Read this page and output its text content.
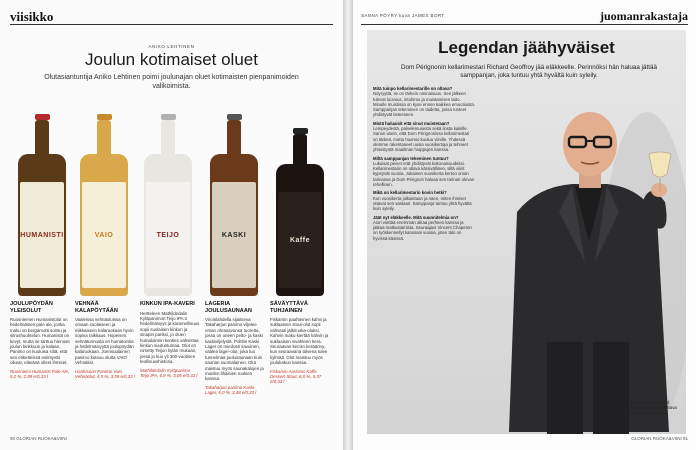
viisikko
ANIKO LEHTINEN
Joulun kotimaiset oluet

Olutasiantuntija Aniko Lehtinen poimi joulunajan oluet kotimaisten pienpanimoiden valikoimista.

HUMANISTI	VAIO	TEIJO	KASKI
Kaffe
JOULUPÖYDÄN YLEISOLUT
Ruosniemen Humanistolut on hedelmäinen pale ale, jonka maku on bergamotti sointu ja sitrushuuhtelun. Humanistit on kevyt, mutta se tarttuu hienosti joulun kinkkuun ja kalaan. Panimo on kuuluisa siitä, että sen etiketteissä esiintyvät oikeat, elävänä olleet ihmiset.
Ruosniemi Humanist Pale Ale, 5,2 %, 2,89 e/0,33 l
VEHNÄÄ KALAPÖYTÄÄN
Vaaleissa vehnäoluissa on omaan suolaiseen ja etikkaiseen kalaruokaan hyvin sopiva raikkaus. Hopeisen vehnätunnusta on humalointia ja hedelmäisyyttä joulupöydän kalaruokaan. Joensuulainen panimo kutsuu olutta VAIO Vehnäksi.
Hanhisuon Panimo Vaio Vehnäolut, 4,5 %, 3,59 e/0,33 l
KINKUN IPA-KAVERI
Hertteleen Mathildedalin Kyläpanimon Teijo IPA:n hedelmäisyys ja karamellisuus sopii suolaisen kinkun ja sinapin pariksi, jo oluen humaloinnin kenties vahvistaa kinkun suutuntumaa. Olut on nimetty Teijon kylän mukaan, jossa jo kuu yli 300-vuotinen teollisuushistoria.
Mathildedalin Kyläpanimo Teijo IPA, 6,9 %, 3,05 e/0,33 l
LAGERIA JOULUSAUNAAN
Viroinlahdella sijaitseva Takaharjun panimo viljelee oman ohrasavunsa tuoretta, jossa on uneen pelto- ja kaski kaskiviljelystä. Polttiin Kaski Lager on miedosti savuinen, vaalea lager-olut, joka luo tunnelmaa joulusaunaan kuin saunan suomalainen. Olut maistuu myös saunakalojen ja muiden lihaisien ruokien kanssa.
Takaharjun panimo Kaski Lager, 5,0 %, 3,48 e/0,33 l
SÄVÄYTTÄVÄ TUHJAINEN
Fiskarsin paahteinen kahvi ja suklaainen stout-olut sopii vahvasti jälkiruoka-oluksi. Kahvin maku kiertää kahvin ja suklaaisen vivahteen kera. Seuraavan kerran keräänny, kun seuraavana talvena tulee kylmää. Olut maistuu myös joulukakun kanssa.
Fiskarsin Aavistus Kaffe Dessert Stout, 6,0 %, 5,57 e/0,33 l
90 GLORIAN RUOKA&VIINI
SANNA PÖYRY kuva JAMES BORT	juomanrakastaja
Samppanjaguru Richard Geoffroyn on aina arvioitava ensin, mitä viini kertoo.
Legendan jäähyväiset

Dom Pérignonin kellarimestari Richard Geoffroy jää eläkkeelle. Perinnöksi hän haluaa jättää samppanjan, joka tuntuu yhtä hyvältä kuin syleily.

Mitä tuinpo kellarimestarille on oltava?
Nöyryyttä, se on tärkein ominaisuus. Sen jälkeen tulevat luovuus, intohimo ja muistamisen taito. Minulle muistissa on kyse ennen kaikkea emootioista. Samppanjan tekeminen on taidetta, jossa tunteet yhdistyvät tieteeseen.
Mistä haluaisit että sinut muistetaan?
Lempeydestä, palvelemusesta sekä ilosta kaikille. Sanon usein, että Dom Pérignonissa kellarimestari on tärkeä, mutta huomio kuuluu viinille. Yhdessä olemme rakentaneet uusia vuosikertoja ja tehneet yhteistyötä maailman huippujen kanssa.
Miltä samppanjan tekeminen tuntuu?
Lukuisat pienet erät yhdistyvät kokonaisuudeksi. Kellarimestarin on oltava kärsivällinen, sillä viinit kypsyvät vuosia. Jokainen vuosikerta kertoo oman tarinansa ja Dom Pérignon haluaa sen tarinan olevan rehellinen.
Mikä on kellarimestarin kovin hetki?
Kun vuosikerta julkaistaan ja näen, miten ihmiset ottavat sen vastaan. Samppanja tuntuu yhtä hyvältä kuin syleily.
Jäät nyt eläkkeelle. Mitä suunnitelmia on?
Aion viettää enemmän aikaa perheen kanssa ja jatkaa matkustamista. Seuraajani Vincent Chaperon on työskennellyt kanssani vuosia, joten talo on hyvissä käsissä.
GLORIAN RUOKA&VIINI 91
